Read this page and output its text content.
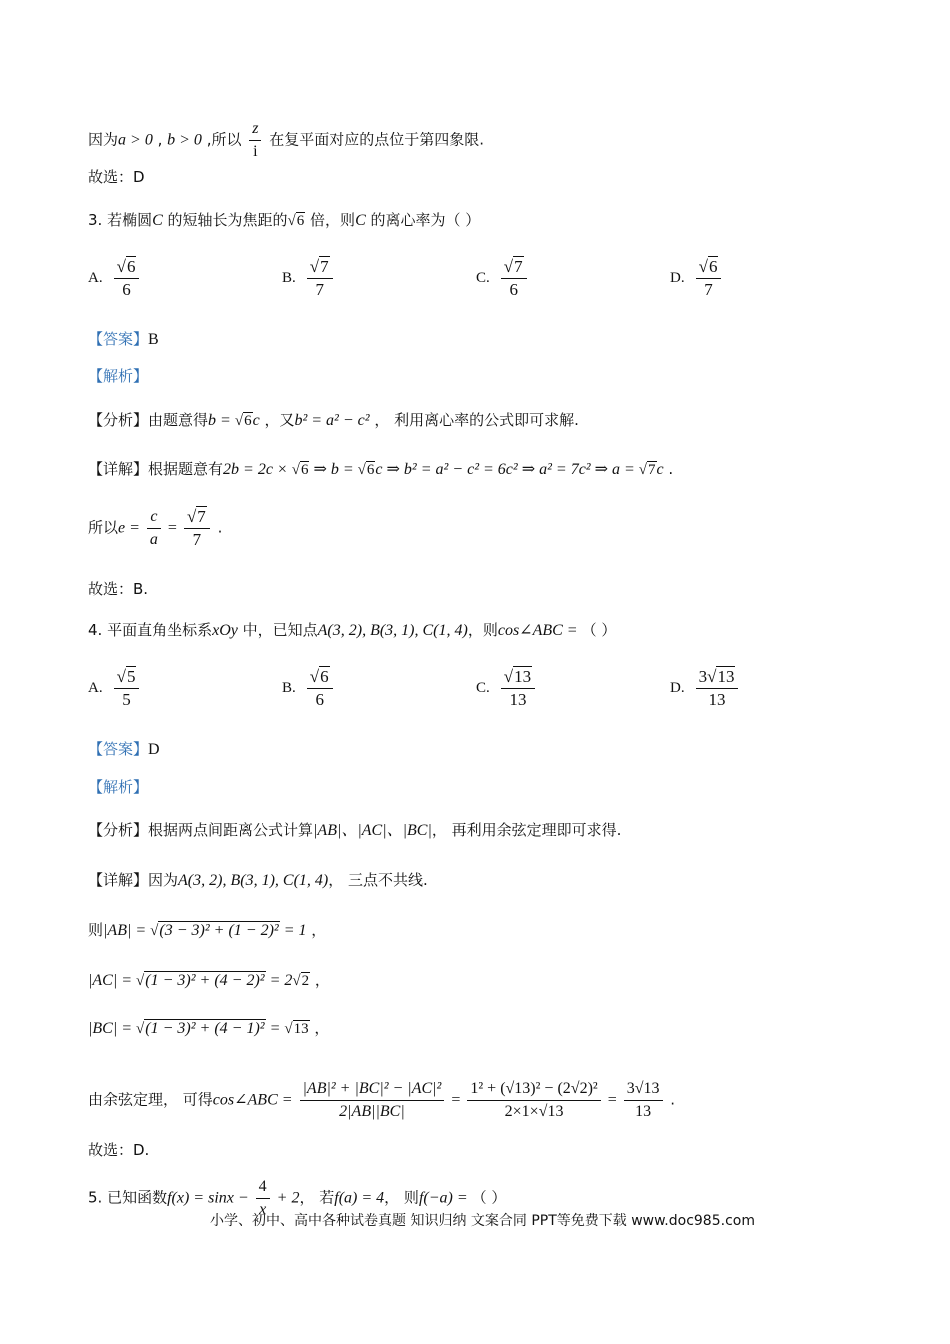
因为a > 0 , b > 0 ,所以 $\frac{z}{i}$ 在复平面对应的点位于第四象限.
故选：D
3. 若椭圆C 的短轴长为焦距的√6 倍，则C 的离心率为（ ）
A. $\frac{√6}{6}$	B. $\frac{√7}{7}$	C. $\frac{√7}{6}$	D. $\frac{√6}{7}$
【答案】B
【解析】
【分析】由题意得b = √6c ，又b² = a² − c² ， 利用离心率的公式即可求解.
【详解】根据题意有2b = 2c × √6 ⇒ b = √6c ⇒ b² = a² − c² = 6c² ⇒ a² = 7c² ⇒ a = √7c .
所以$e = \frac{c}{a} = \frac{√7}{7}$ .
故选：B.
4. 平面直角坐标系xOy 中，已知点A(3, 2), B(3, 1), C(1, 4)，则cos∠ABC = （ ）
A. $\frac{√5}{5}$	B. $\frac{√6}{6}$	C. $\frac{√13}{13}$	D. $\frac{3√13}{13}$
【答案】D
【解析】
【分析】根据两点间距离公式计算|AB|、|AC|、|BC|， 再利用余弦定理即可求得.
【详解】因为A(3, 2), B(3, 1), C(1, 4)， 三点不共线.
则|AB| = √(3 − 3)² + (1 − 2)² = 1 ，
|AC| = √(1 − 3)² + (4 − 2)² = 2√2 ，
|BC| = √(1 − 3)² + (4 − 1)² = √13 ，
由余弦定理， 可得cos∠ABC = $\frac{\text{|AB|² + |BC|² − |AC|²}}{2|AB||BC|} = \frac{\text{1² + (√13)² − (2√2)²}}{2\times 1\times√13} = \frac{3√13}{13}$ .
故选：D.
5. 已知函数$f(x) = \sin x - \frac{4}{x} + 2$， 若f(a) = 4， 则f(−a) = （ ）
小学、初中、高中各种试卷真题 知识归纳 文案合同 PPT等免费下载 www.doc985.com
